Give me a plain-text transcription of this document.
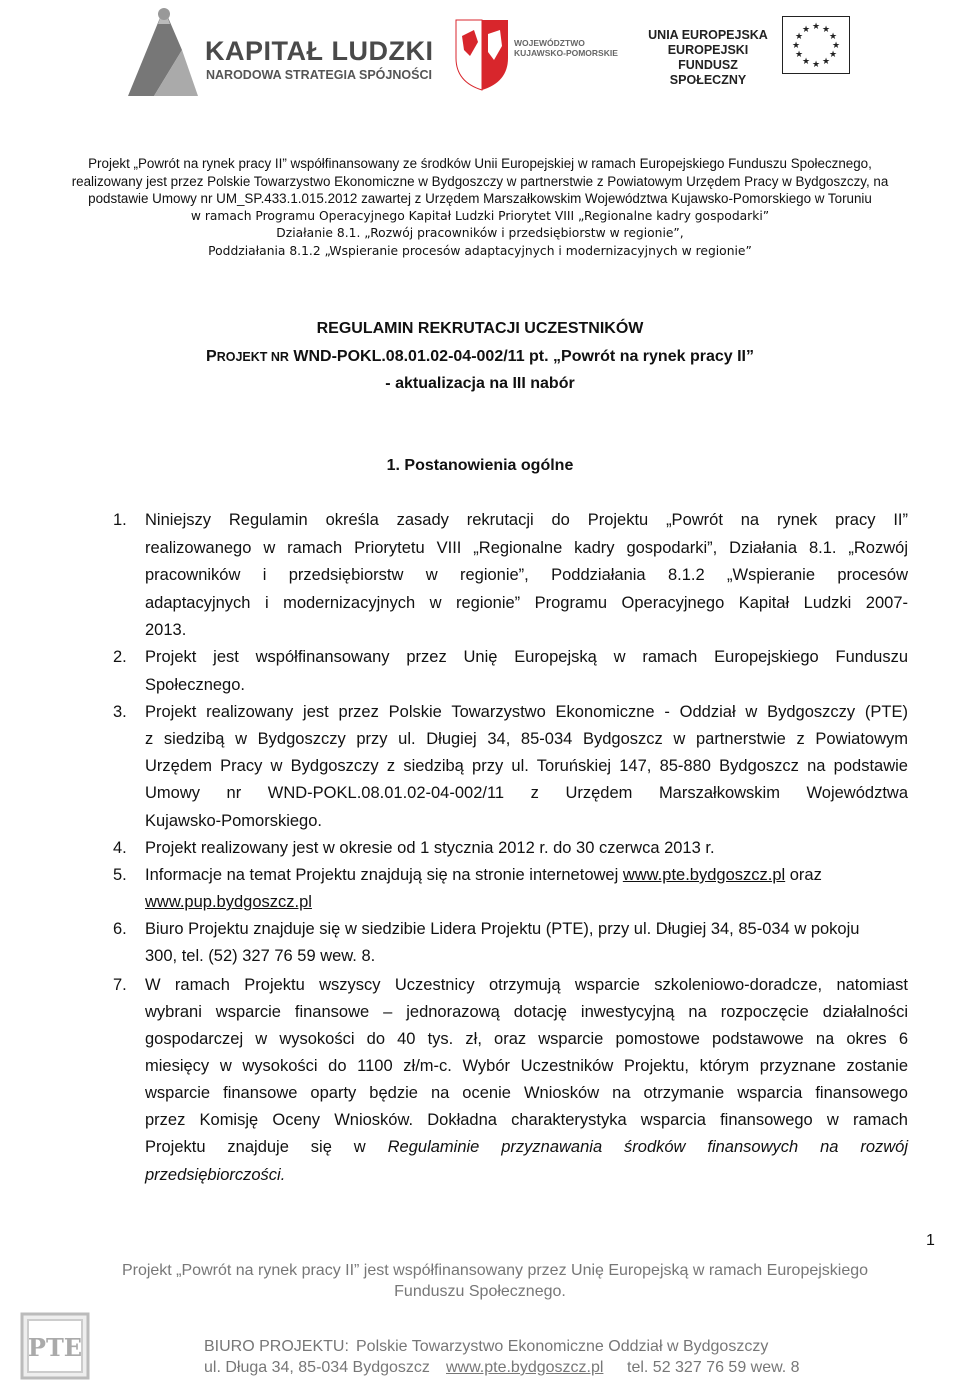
KAPITAŁ LUDZKI
NARODOWA STRATEGIA SPÓJNOŚCI
WOJEWÓDZTWO
KUJAWSKO-POMORSKIE
UNIA EUROPEJSKA
EUROPEJSKI
FUNDUSZ SPOŁECZNY
★ ★
★
★
★
★
★
★
★
★
★
★
Projekt „Powrót na rynek pracy II” współfinansowany ze środków Unii Europejskiej w ramach Europejskiego Funduszu Społecznego,
realizowany jest przez Polskie Towarzystwo Ekonomiczne w Bydgoszczy w partnerstwie z Powiatowym Urzędem Pracy w Bydgoszczy, na
podstawie Umowy nr UM_SP.433.1.015.2012 zawartej z Urzędem Marszałkowskim Województwa Kujawsko-Pomorskiego w Toruniu
w ramach Programu Operacyjnego Kapitał Ludzki Priorytet VIII „Regionalne kadry gospodarki”
Działanie 8.1. „Rozwój pracowników i przedsiębiorstw w regionie”,
Poddziałania 8.1.2 „Wspieranie procesów adaptacyjnych i modernizacyjnych w regionie”
REGULAMIN REKRUTACJI UCZESTNIKÓW
PROJEKT NR WND-POKL.08.01.02-04-002/11 pt. „Powrót na rynek pracy II”
- aktualizacja na III nabór
1. Postanowienia ogólne
1. Niniejszy Regulamin określa zasady rekrutacji do Projektu „Powrót na rynek pracy II”
realizowanego w ramach Priorytetu VIII „Regionalne kadry gospodarki”, Działania 8.1. „Rozwój
pracowników i przedsiębiorstw w regionie”, Poddziałania 8.1.2 „Wspieranie procesów
adaptacyjnych i modernizacyjnych w regionie” Programu Operacyjnego Kapitał Ludzki 2007-
2013.
2. Projekt jest współfinansowany przez Unię Europejską w ramach Europejskiego Funduszu
Społecznego.
3. Projekt realizowany jest przez Polskie Towarzystwo Ekonomiczne - Oddział w Bydgoszczy (PTE)
z siedzibą w Bydgoszczy przy ul. Długiej 34, 85-034 Bydgoszcz w partnerstwie z Powiatowym
Urzędem Pracy w Bydgoszczy z siedzibą przy ul. Toruńskiej 147, 85-880 Bydgoszcz na podstawie
Umowy nr WND-POKL.08.01.02-04-002/11 z Urzędem Marszałkowskim Województwa
Kujawsko-Pomorskiego.
4. Projekt realizowany jest w okresie od 1 stycznia 2012 r. do 30 czerwca 2013 r.
5. Informacje na temat Projektu znajdują się na stronie internetowej www.pte.bydgoszcz.pl oraz
www.pup.bydgoszcz.pl
6. Biuro Projektu znajduje się w siedzibie Lidera Projektu (PTE), przy ul. Długiej 34, 85-034 w pokoju
300, tel. (52) 327 76 59 wew. 8.
7. W ramach Projektu wszyscy Uczestnicy otrzymują wsparcie szkoleniowo-doradcze, natomiast
wybrani wsparcie finansowe – jednorazową dotację inwestycyjną na rozpoczęcie działalności
gospodarczej w wysokości do 40 tys. zł, oraz wsparcie pomostowe podstawowe na okres 6
miesięcy w wysokości do 1100 zł/m-c. Wybór Uczestników Projektu, którym przyznane zostanie
wsparcie finansowe oparty będzie na ocenie Wniosków na otrzymanie wsparcia finansowego
przez Komisję Oceny Wniosków. Dokładna charakterystyka wsparcia finansowego w ramach
Projektu znajduje się w Regulaminie przyznawania środków finansowych na rozwój
przedsiębiorczości.
1
Projekt „Powrót na rynek pracy II” jest współfinansowany przez Unię Europejską w ramach Europejskiego
Funduszu Społecznego.
PTE	BIURO PROJEKTU: Polskie Towarzystwo Ekonomiczne Oddział w Bydgoszczy
ul. Długa 34, 85-034 Bydgoszcz www.pte.bydgoszcz.pl tel. 52 327 76 59 wew. 8
